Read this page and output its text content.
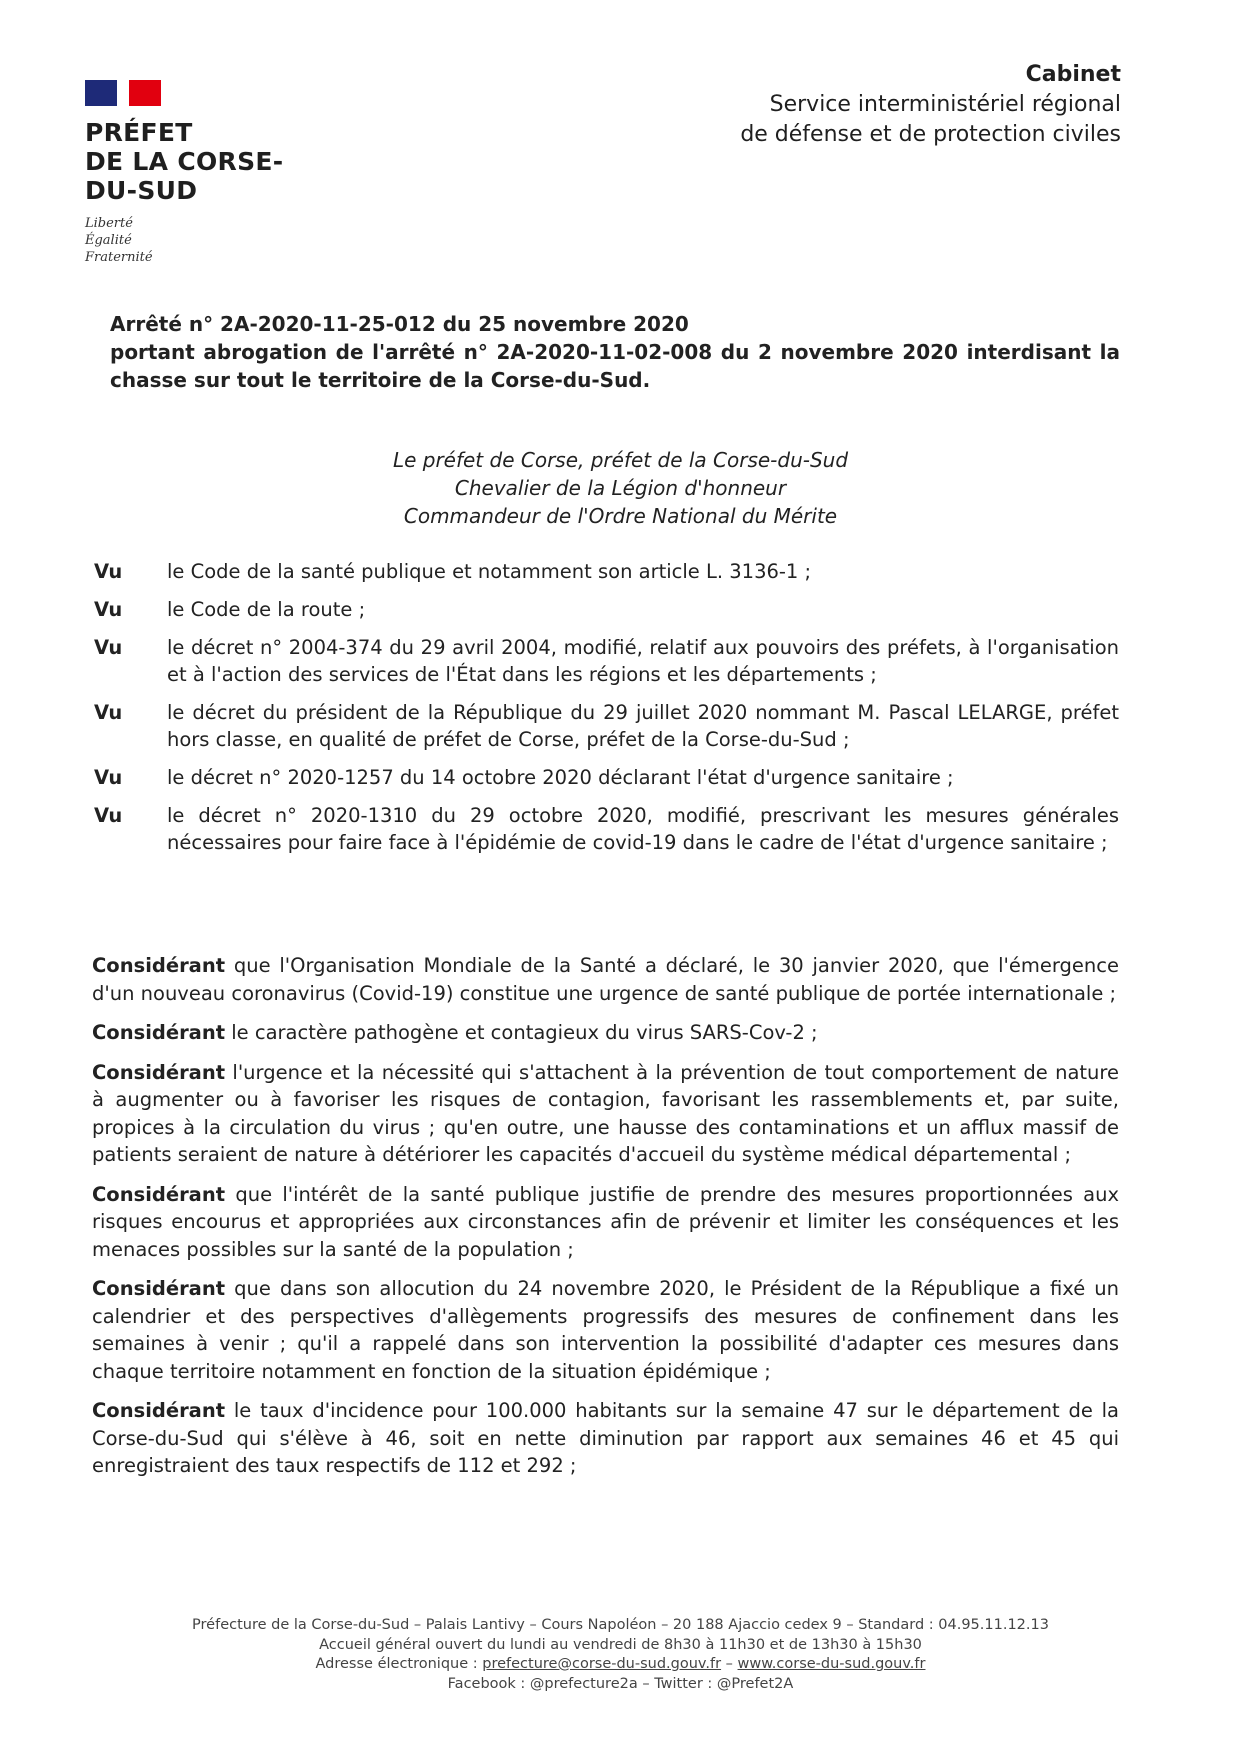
PRÉFET
DE LA CORSE-
DU-SUD
Liberté
Égalité
Fraternité
Cabinet
Service interministériel régional
de défense et de protection civiles
Arrêté n° 2A-2020-11-25-012 du 25 novembre 2020
portant abrogation de l'arrêté n° 2A-2020-11-02-008 du 2 novembre 2020 interdisant la chasse sur tout le territoire de la Corse-du-Sud.
Le préfet de Corse, préfet de la Corse-du-Sud
Chevalier de la Légion d'honneur
Commandeur de l'Ordre National du Mérite
Vu	le Code de la santé publique et notamment son article L. 3136-1 ;
Vu	le Code de la route ;
Vu	le décret n° 2004-374 du 29 avril 2004, modifié, relatif aux pouvoirs des préfets, à l'organisation et à l'action des services de l'État dans les régions et les départements ;
Vu	le décret du président de la République du 29 juillet 2020 nommant M. Pascal LELARGE, préfet hors classe, en qualité de préfet de Corse, préfet de la Corse-du-Sud ;
Vu	le décret n° 2020-1257 du 14 octobre 2020 déclarant l'état d'urgence sanitaire ;
Vu	le décret n° 2020-1310 du 29 octobre 2020, modifié, prescrivant les mesures générales nécessaires pour faire face à l'épidémie de covid-19 dans le cadre de l'état d'urgence sanitaire ;
Considérant que l'Organisation Mondiale de la Santé a déclaré, le 30 janvier 2020, que l'émergence d'un nouveau coronavirus (Covid-19) constitue une urgence de santé publique de portée internationale ;
Considérant le caractère pathogène et contagieux du virus SARS-Cov-2 ;
Considérant l'urgence et la nécessité qui s'attachent à la prévention de tout comportement de nature à augmenter ou à favoriser les risques de contagion, favorisant les rassemblements et, par suite, propices à la circulation du virus ; qu'en outre, une hausse des contaminations et un afflux massif de patients seraient de nature à détériorer les capacités d'accueil du système médical départemental ;
Considérant que l'intérêt de la santé publique justifie de prendre des mesures proportionnées aux risques encourus et appropriées aux circonstances afin de prévenir et limiter les conséquences et les menaces possibles sur la santé de la population ;
Considérant que dans son allocution du 24 novembre 2020, le Président de la République a fixé un calendrier et des perspectives d'allègements progressifs des mesures de confinement dans les semaines à venir ; qu'il a rappelé dans son intervention la possibilité d'adapter ces mesures dans chaque territoire notamment en fonction de la situation épidémique ;
Considérant le taux d'incidence pour 100.000 habitants sur la semaine 47 sur le département de la Corse-du-Sud qui s'élève à 46, soit en nette diminution par rapport aux semaines 46 et 45 qui enregistraient des taux respectifs de 112 et 292 ;
Préfecture de la Corse-du-Sud – Palais Lantivy – Cours Napoléon – 20 188 Ajaccio cedex 9 – Standard : 04.95.11.12.13
Accueil général ouvert du lundi au vendredi de 8h30 à 11h30 et de 13h30 à 15h30
Adresse électronique : prefecture@corse-du-sud.gouv.fr – www.corse-du-sud.gouv.fr
Facebook : @prefecture2a – Twitter : @Prefet2A
